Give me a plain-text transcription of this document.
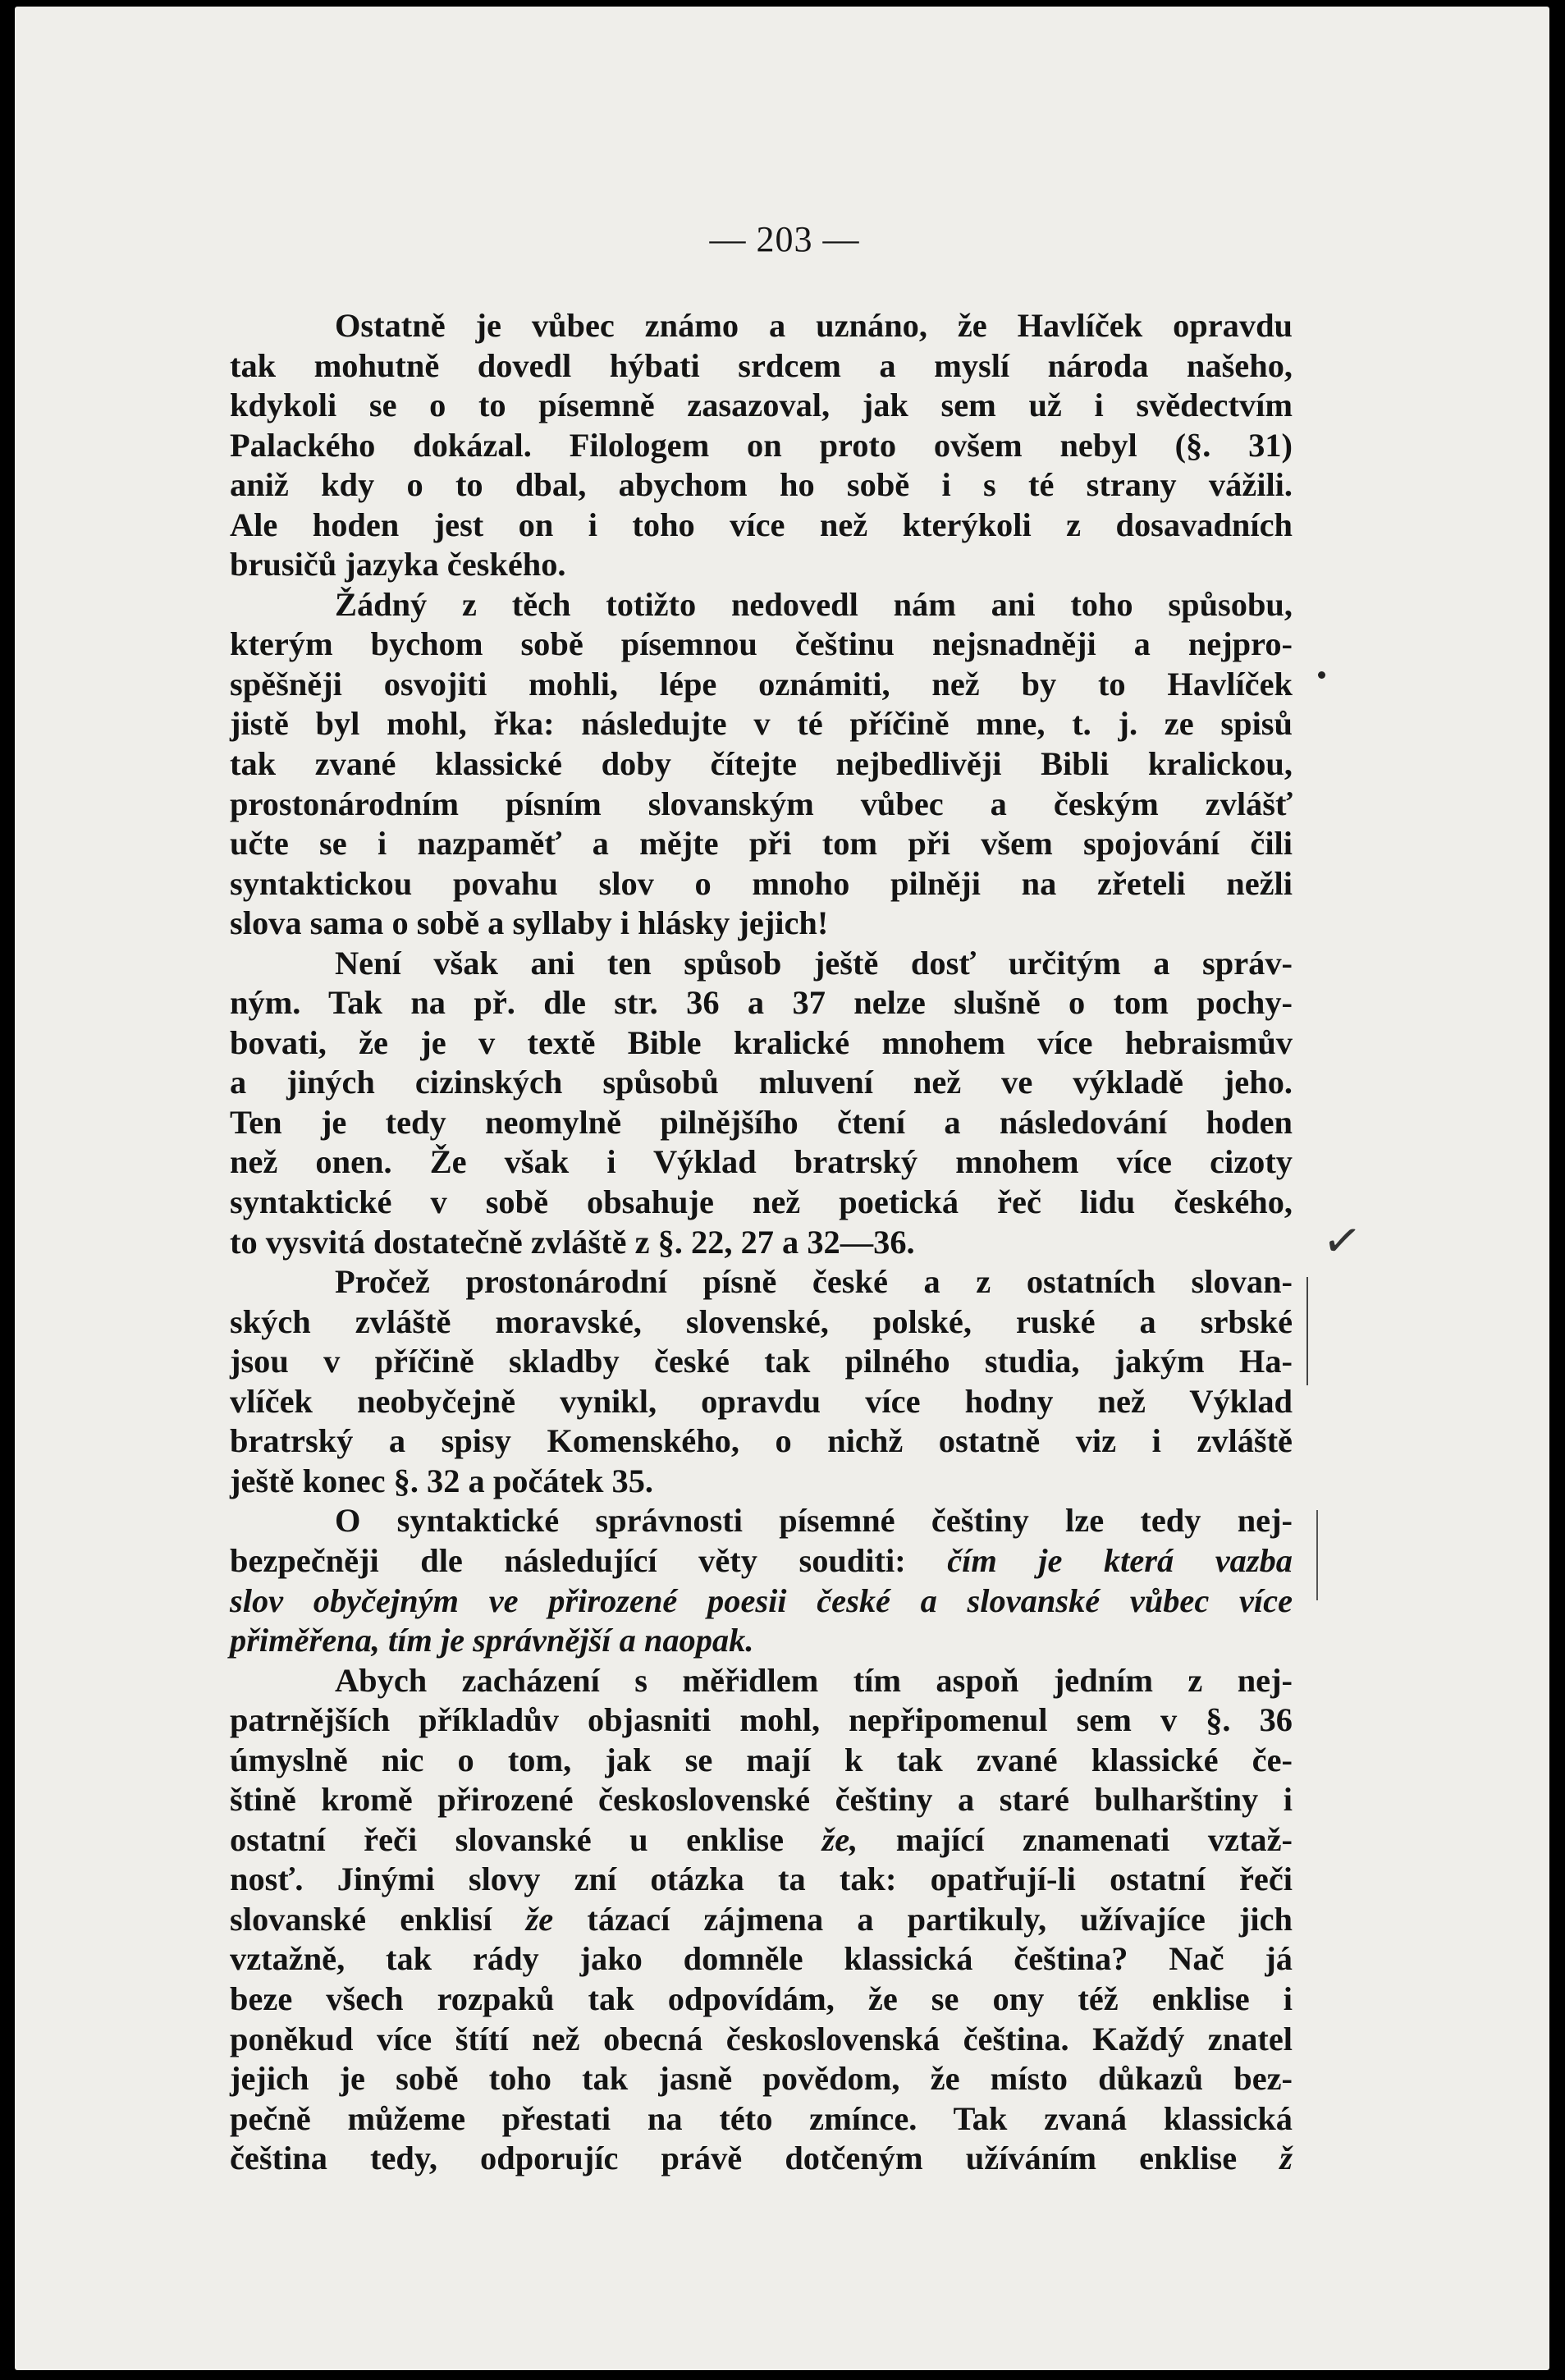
— 203 —
Ostatně je vůbec známo a uznáno, že Havlíček opravdu
tak mohutně dovedl hýbati srdcem a myslí národa našeho,
kdykoli se o to písemně zasazoval, jak sem už i svědectvím
Palackého dokázal. Filologem on proto ovšem nebyl (§. 31)
aniž kdy o to dbal, abychom ho sobě i s té strany vážili.
Ale hoden jest on i toho více než kterýkoli z dosavadních
brusičů jazyka českého.
Žádný z těch totižto nedovedl nám ani toho spůsobu,
kterým bychom sobě písemnou češtinu nejsnadněji a nejpro-
spěšněji osvojiti mohli, lépe oznámiti, než by to Havlíček
jistě byl mohl, řka: následujte v té příčině mne, t. j. ze spisů
tak zvané klassické doby čítejte nejbedlivěji Bibli kralickou,
prostonárodním písním slovanským vůbec a českým zvlášť
učte se i nazpaměť a mějte při tom při všem spojování čili
syntaktickou povahu slov o mnoho pilněji na zřeteli nežli
slova sama o sobě a syllaby i hlásky jejich!
Není však ani ten spůsob ještě dosť určitým a správ-
ným. Tak na př. dle str. 36 a 37 nelze slušně o tom pochy-
bovati, že je v textě Bible kralické mnohem více hebraismův
a jiných cizinských spůsobů mluvení než ve výkladě jeho.
Ten je tedy neomylně pilnějšího čtení a následování hoden
než onen. Že však i Výklad bratrský mnohem více cizoty
syntaktické v sobě obsahuje než poetická řeč lidu českého,
to vysvitá dostatečně zvláště z §. 22, 27 a 32—36.
Pročež prostonárodní písně české a z ostatních slovan-
ských zvláště moravské, slovenské, polské, ruské a srbské
jsou v příčině skladby české tak pilného studia, jakým Ha-
vlíček neobyčejně vynikl, opravdu více hodny než Výklad
bratrský a spisy Komenského, o nichž ostatně viz i zvláště
ještě konec §. 32 a počátek 35.
O syntaktické správnosti písemné češtiny lze tedy nej-
bezpečněji dle následující věty souditi: čím je která vazba
slov obyčejným ve přirozené poesii české a slovanské vůbec více
přiměřena, tím je správnější a naopak.
Abych zacházení s měřidlem tím aspoň jedním z nej-
patrnějších příkladův objasniti mohl, nepřipomenul sem v §. 36
úmyslně nic o tom, jak se mají k tak zvané klassické če-
štině kromě přirozené československé češtiny a staré bulharštiny i
ostatní řeči slovanské u enklise že, mající znamenati vztaž-
nosť. Jinými slovy zní otázka ta tak: opatřují-li ostatní řeči
slovanské enklisí že tázací zájmena a partikuly, užívajíce jich
vztažně, tak rády jako domněle klassická čeština? Nač já
beze všech rozpaků tak odpovídám, že se ony též enklise i
poněkud více štítí než obecná československá čeština. Každý znatel
jejich je sobě toho tak jasně povědom, že místo důkazů bez-
pečně můžeme přestati na této zmínce. Tak zvaná klassická
čeština tedy, odporujíc právě dotčeným užíváním enklise ž
✓
